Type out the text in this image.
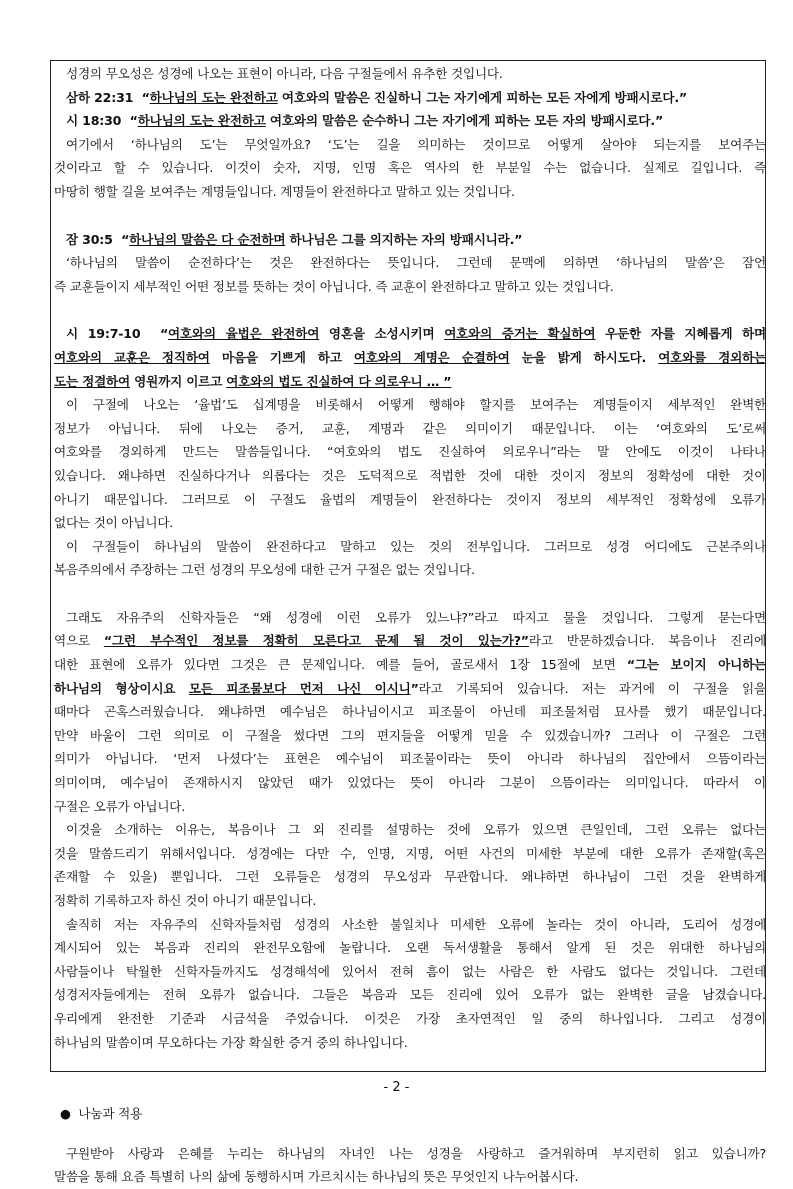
성경의 무오성은 성경에 나오는 표현이 아니라, 다음 구절들에서 유추한 것입니다.
삼하 22:31 “하나님의 도는 완전하고 여호와의 말씀은 진실하니 그는 자기에게 피하는 모든 자에게 방패시로다.”
시 18:30 “하나님의 도는 완전하고 여호와의 말씀은 순수하니 그는 자기에게 피하는 모든 자의 방패시로다.”
여기에서 ‘하나님의 도’는 무엇일까요? ‘도’는 길을 의미하는 것이므로 어떻게 살아야 되는지를 보여주는
것이라고 할 수 있습니다. 이것이 숫자, 지명, 인명 혹은 역사의 한 부분일 수는 없습니다. 실제로 길입니다. 즉
마땅히 행할 길을 보여주는 계명들입니다. 계명들이 완전하다고 말하고 있는 것입니다.
잠 30:5 “하나님의 말씀은 다 순전하며 하나님은 그를 의지하는 자의 방패시니라.”
‘하나님의 말씀이 순전하다’는 것은 완전하다는 뜻입니다. 그런데 문맥에 의하면 ‘하나님의 말씀’은 잠언
즉 교훈들이지 세부적인 어떤 정보를 뜻하는 것이 아닙니다. 즉 교훈이 완전하다고 말하고 있는 것입니다.
시 19:7-10 “여호와의 율법은 완전하여 영혼을 소성시키며 여호와의 증거는 확실하여 우둔한 자를 지혜롭게 하며
여호와의 교훈은 정직하여 마음을 기쁘게 하고 여호와의 계명은 순결하여 눈을 밝게 하시도다. 여호와를 경외하는
도는 정결하여 영원까지 이르고 여호와의 법도 진실하여 다 의로우니 … ”
이 구절에 나오는 ‘율법’도 십계명을 비롯해서 어떻게 행해야 할지를 보여주는 계명들이지 세부적인 완벽한
정보가 아닙니다. 뒤에 나오는 증거, 교훈, 계명과 같은 의미이기 때문입니다. 이는 ‘여호와의 도’로써
여호와를 경외하게 만드는 말씀들입니다. “여호와의 법도 진실하여 의로우니”라는 말 안에도 이것이 나타나
있습니다. 왜냐하면 진실하다거나 의롭다는 것은 도덕적으로 적법한 것에 대한 것이지 정보의 정확성에 대한 것이
아니기 때문입니다. 그러므로 이 구절도 율법의 계명들이 완전하다는 것이지 정보의 세부적인 정확성에 오류가
없다는 것이 아닙니다.
이 구절들이 하나님의 말씀이 완전하다고 말하고 있는 것의 전부입니다. 그러므로 성경 어디에도 근본주의나
복음주의에서 주장하는 그런 성경의 무오성에 대한 근거 구절은 없는 것입니다.
그래도 자유주의 신학자들은 “왜 성경에 이런 오류가 있느냐?”라고 따지고 물을 것입니다. 그렇게 묻는다면
역으로 “그런 부수적인 정보를 정확히 모른다고 문제 될 것이 있는가?”라고 반문하겠습니다. 복음이나 진리에
대한 표현에 오류가 있다면 그것은 큰 문제입니다. 예를 들어, 골로새서 1장 15절에 보면 “그는 보이지 아니하는
하나님의 형상이시요 모든 피조물보다 먼저 나신 이시니”라고 기록되어 있습니다. 저는 과거에 이 구절을 읽을
때마다 곤혹스러웠습니다. 왜냐하면 예수님은 하나님이시고 피조물이 아닌데 피조물처럼 묘사를 했기 때문입니다.
만약 바울이 그런 의미로 이 구절을 썼다면 그의 편지들을 어떻게 믿을 수 있겠습니까? 그러나 이 구절은 그런
의미가 아닙니다. ‘먼저 나셨다’는 표현은 예수님이 피조물이라는 뜻이 아니라 하나님의 집안에서 으뜸이라는
의미이며, 예수님이 존재하시지 않았던 때가 있었다는 뜻이 아니라 그분이 으뜸이라는 의미입니다. 따라서 이
구절은 오류가 아닙니다.
이것을 소개하는 이유는, 복음이나 그 외 진리를 설명하는 것에 오류가 있으면 큰일인데, 그런 오류는 없다는
것을 말씀드리기 위해서입니다. 성경에는 다만 수, 인명, 지명, 어떤 사건의 미세한 부분에 대한 오류가 존재할(혹은
존재할 수 있을) 뿐입니다. 그런 오류들은 성경의 무오성과 무관합니다. 왜냐하면 하나님이 그런 것을 완벽하게
정확히 기록하고자 하신 것이 아니기 때문입니다.
솔직히 저는 자유주의 신학자들처럼 성경의 사소한 불일치나 미세한 오류에 놀라는 것이 아니라, 도리어 성경에
계시되어 있는 복음과 진리의 완전무오함에 놀랍니다. 오랜 독서생활을 통해서 알게 된 것은 위대한 하나님의
사람들이나 탁월한 신학자들까지도 성경해석에 있어서 전혀 흠이 없는 사람은 한 사람도 없다는 것입니다. 그런데
성경저자들에게는 전혀 오류가 없습니다. 그들은 복음과 모든 진리에 있어 오류가 없는 완벽한 글을 남겼습니다.
우리에게 완전한 기준과 시금석을 주었습니다. 이것은 가장 초자연적인 일 중의 하나입니다. 그리고 성경이
하나님의 말씀이며 무오하다는 가장 확실한 증거 중의 하나입니다.
● 나눔과 적용
구원받아 사랑과 은혜를 누리는 하나님의 자녀인 나는 성경을 사랑하고 즐거워하며 부지런히 읽고 있습니까?
말씀을 통해 요즘 특별히 나의 삶에 동행하시며 가르치시는 하나님의 뜻은 무엇인지 나누어봅시다.
- 2 -
